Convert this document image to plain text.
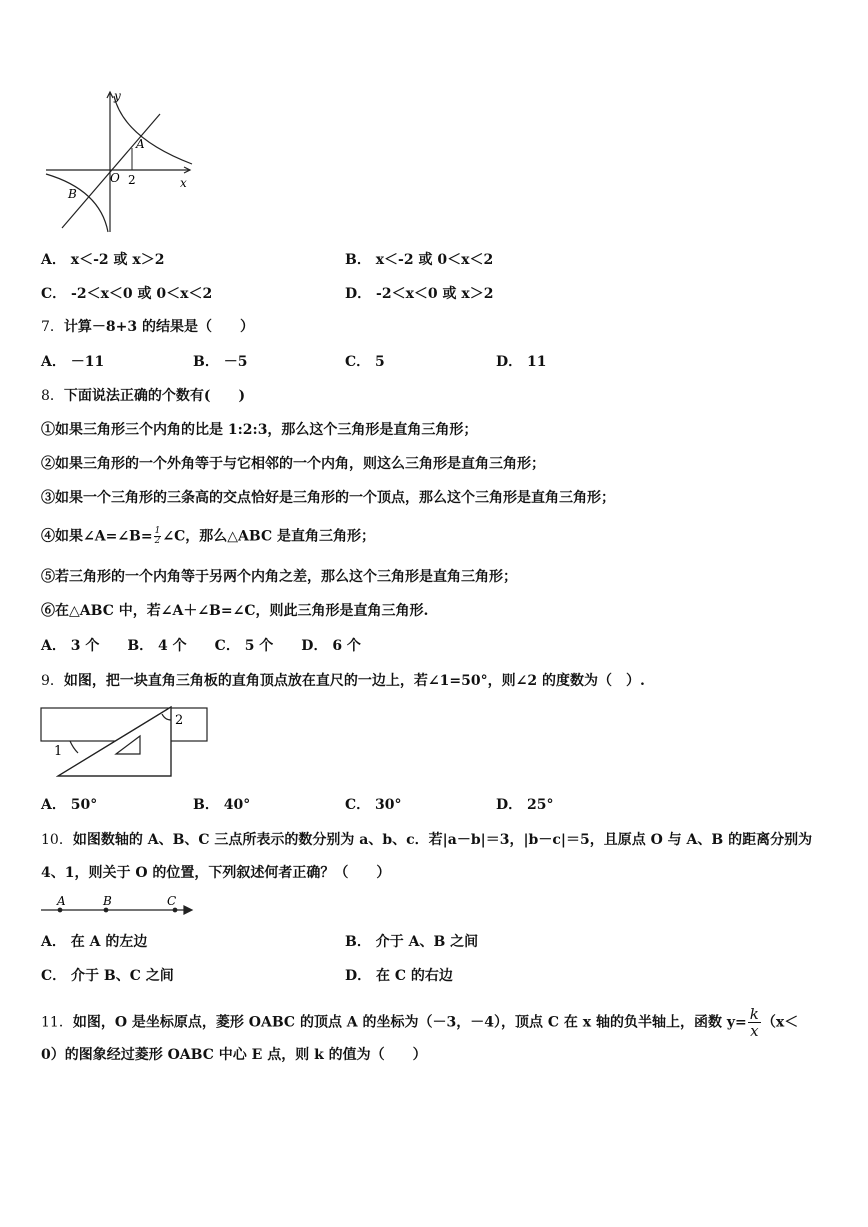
y
x
O 2
A
B
A． x＜-2 或 x＞2	B． x＜-2 或 0＜x＜2
C． -2＜x＜0 或 0＜x＜2	D． -2＜x＜0 或 x＞2
7．计算－8+3 的结果是（　　）
A． －11	B． －5	C． 5	D． 11
8．下面说法正确的个数有(　　)
①如果三角形三个内角的比是 1:2:3，那么这个三角形是直角三角形；
②如果三角形的一个外角等于与它相邻的一个内角，则这么三角形是直角三角形；
③如果一个三角形的三条高的交点恰好是三角形的一个顶点，那么这个三角形是直角三角形；
④如果∠A=∠B= $\frac{1}{2}$ ∠C，那么△ABC 是直角三角形；
⑤若三角形的一个内角等于另两个内角之差，那么这个三角形是直角三角形；
⑥在△ABC 中，若∠A＋∠B=∠C，则此三角形是直角三角形.
A． 3 个　　B． 4 个　　C． 5 个　　D． 6 个
9．如图，把一块直角三角板的直角顶点放在直尺的一边上，若∠1=50°，则∠2 的度数为（　）.
2
1
A． 50°	B． 40°	C． 30°	D． 25°
10．如图数轴的 A、B、C 三点所表示的数分别为 a、b、c．若|a－b|＝3，|b－c|＝5，且原点 O 与 A、B 的距离分别为
4、1，则关于 O 的位置，下列叙述何者正确？（　　）
A	B	C
A． 在 A 的左边	B． 介于 A、B 之间
C． 介于 B、C 之间	D． 在 C 的右边
11．如图，O 是坐标原点，菱形 OABC 的顶点 A 的坐标为（－3，－4），顶点 C 在 x 轴的负半轴上，函数 $y= \frac{k}{x} (x<$
0）的图象经过菱形 OABC 中心 E 点，则 k 的值为（　　）
